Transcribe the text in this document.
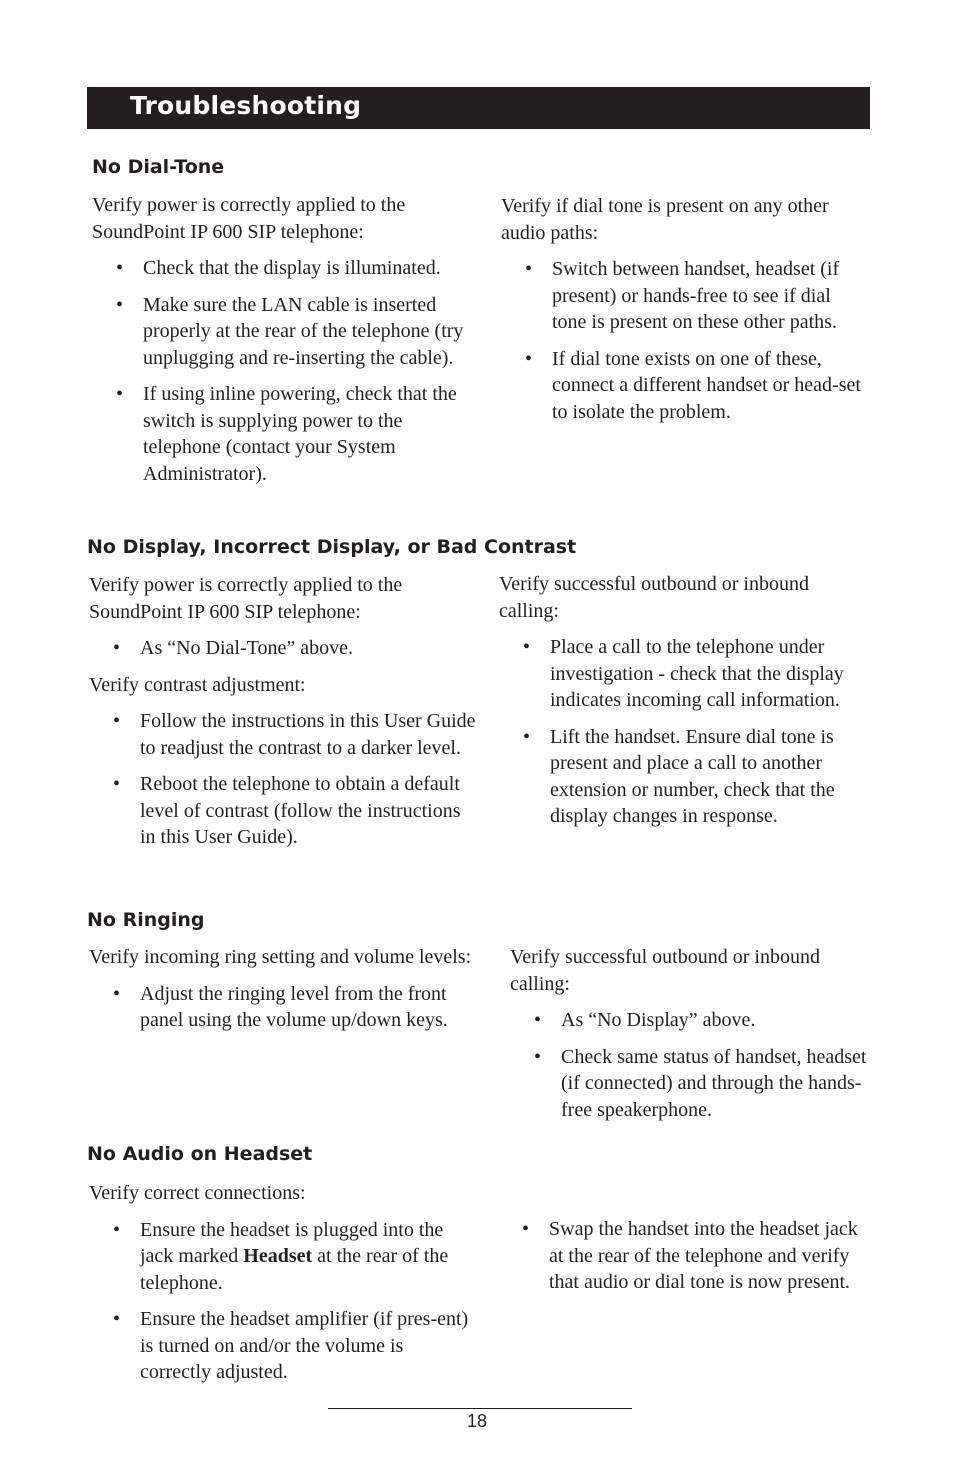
Troubleshooting
No Dial-Tone

Verify power is correctly applied to the SoundPoint IP 600 SIP telephone:

• Check that the display is illuminated.
• Make sure the LAN cable is inserted properly at the rear of the telephone (try unplugging and re-inserting the cable).
• If using inline powering, check that the switch is supplying power to the telephone (contact your System Administrator).

Verify if dial tone is present on any other audio paths:

• Switch between handset, headset (if present) or hands-free to see if dial tone is present on these other paths.
• If dial tone exists on one of these, connect a different handset or head-set to isolate the problem.
No Display, Incorrect Display, or Bad Contrast

Verify power is correctly applied to the SoundPoint IP 600 SIP telephone:

• As “No Dial-Tone” above.

Verify contrast adjustment:

• Follow the instructions in this User Guide to readjust the contrast to a darker level.
• Reboot the telephone to obtain a default level of contrast (follow the instructions in this User Guide).

Verify successful outbound or inbound calling:

• Place a call to the telephone under investigation - check that the display indicates incoming call information.
• Lift the handset. Ensure dial tone is present and place a call to another extension or number, check that the display changes in response.
No Ringing

Verify incoming ring setting and volume levels:

• Adjust the ringing level from the front panel using the volume up/down keys.

Verify successful outbound or inbound calling:

• As “No Display” above.
• Check same status of handset, headset (if connected) and through the hands-free speakerphone.
No Audio on Headset

Verify correct connections:

• Ensure the headset is plugged into the jack marked Headset at the rear of the telephone.
• Ensure the headset amplifier (if pres-ent) is turned on and/or the volume is correctly adjusted.
• Swap the handset into the headset jack at the rear of the telephone and verify that audio or dial tone is now present.
18
